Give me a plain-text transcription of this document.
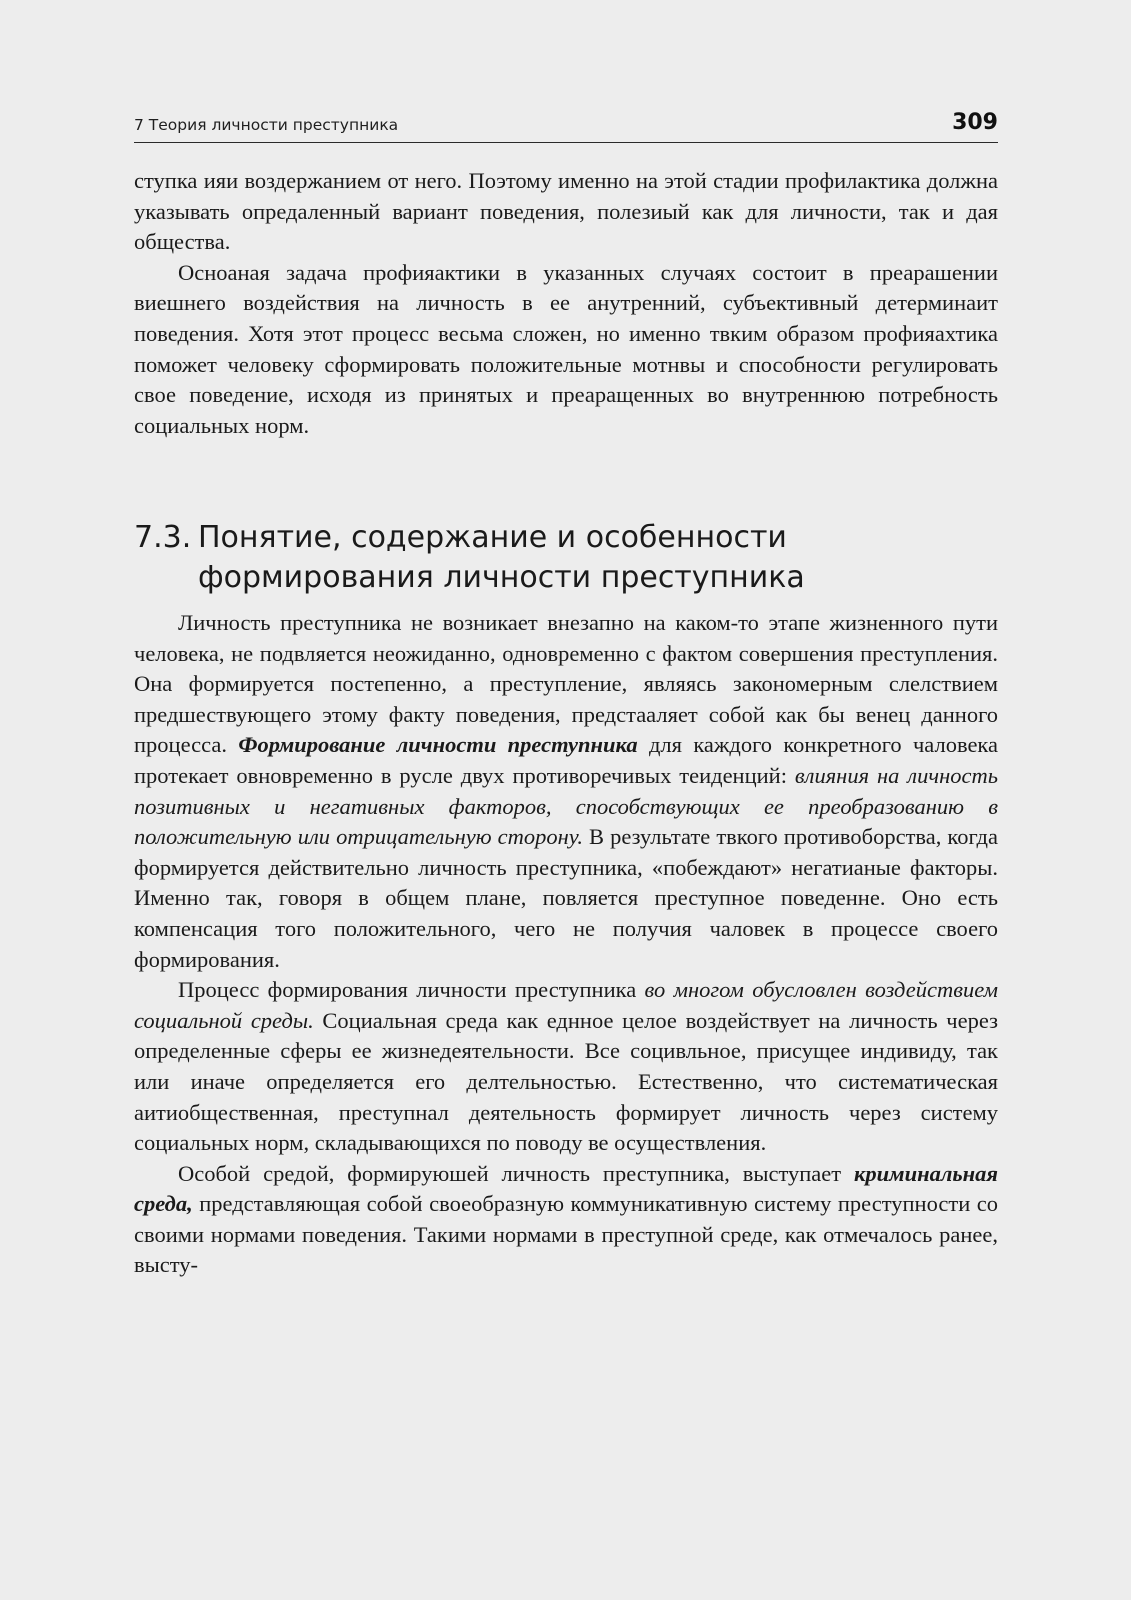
7 Теория личности преступника	309

ступка ияи воздержанием от него. Поэтому именно на этой стадии профилактика должна указывать опредаленный вариант поведения, полезиый как для личности, так и дая общества.

Осноаная задача профияактики в указанных случаях состоит в преарашении виешнего воздействия на личность в ее анутренний, субъективный детерминаит поведения. Хотя этот процесс весьма сложен, но именно твким образом профияахтика поможет человеку сформировать положительные мотнвы и способности регулировать свое поведение, исходя из принятых и преаращенных во внутреннюю потребность социальных норм.

7.3. Понятие, содержание и особенности
формирования личности преступника

Личность преступника не возникает внезапно на каком-то этапе жизненного пути человека, не подвляется неожиданно, одновременно с фактом совершения преступления. Она формируется постепенно, а преступление, являясь закономерным слелствием предшествующего этому факту поведения, предстааляет собой как бы венец данного процесса. Формирование личности преступника для каждого конкретного чаловека протекает овновременно в русле двух противоречивых теиденций: влияния на личность позитивных и негативных факторов, способствующих ее преобразованию в положительную или отрицательную сторону. В результате твкого противоборства, когда формируется действительно личность преступника, «побеждают» негатианые факторы. Именно так, говоря в общем плане, повляется преступное поведенне. Оно есть компенсация того положительного, чего не получия чаловек в процессе своего формирования.

Процесс формирования личности преступника во многом обусловлен воздействием социальной среды. Социальная среда как еднное целое воздействует на личность через определенные сферы ее жизнедеятельности. Все социвльное, присущее индивиду, так или иначе определяется его делтельностью. Естественно, что систематическая аитиобщественная, преступнал деятельность формирует личность через систему социальных норм, складывающихся по поводу ве осуществления.

Особой средой, формируюшей личность преступника, выступает криминальная среда, представляющая собой своеобразную коммуникативную систему преступности со своими нормами поведения. Такими нормами в преступной среде, как отмечалось ранее, высту-
